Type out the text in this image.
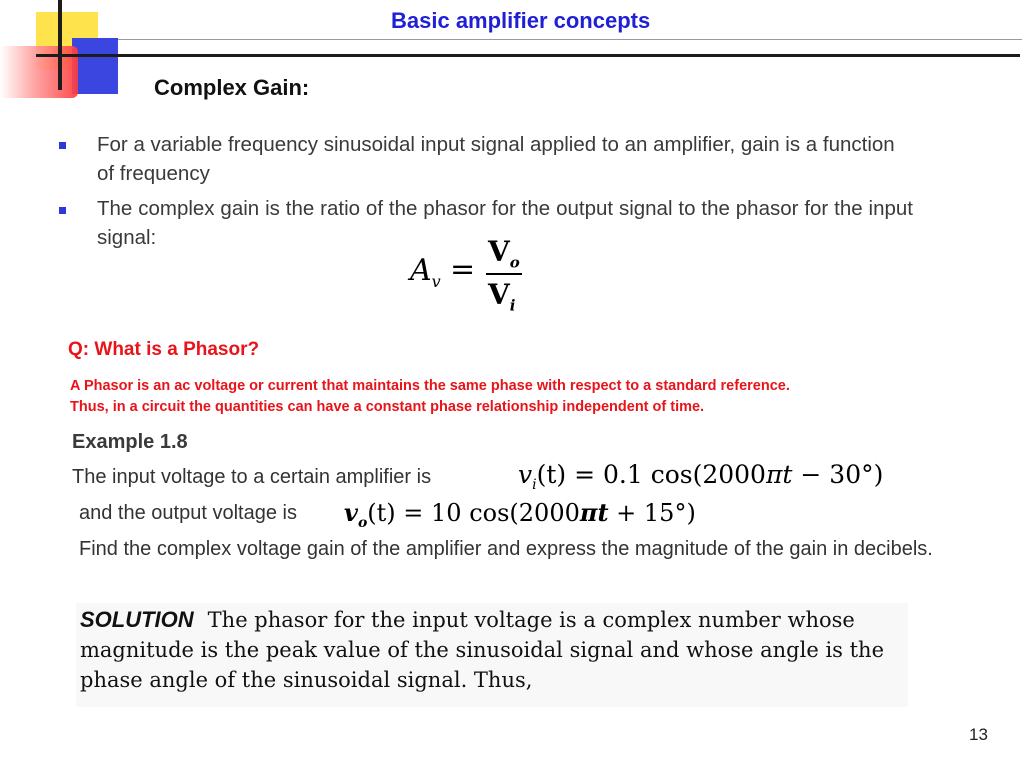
Basic amplifier concepts
Complex Gain:
For a variable frequency sinusoidal input signal applied to an amplifier, gain is a function of frequency
The complex gain is the ratio of the phasor for the output signal to the phasor for the input signal:
$A_v$ =
$V_o$
$V_i$
Q: What is a Phasor?
A Phasor is an ac voltage or current that maintains the same phase with respect to a standard reference.
Thus, in a circuit the quantities can have a constant phase relationship independent of time.
Example 1.8
The input voltage to a certain amplifier is	$v_i(t) = 0.1$ cos(2000πt − 30°)
and the output voltage is $v_o(t) = 10$ cos(2000πt + 15°)
Find the complex voltage gain of the amplifier and express the magnitude of the gain in decibels.
SOLUTION The phasor for the input voltage is a complex number whose magnitude is the peak value of the sinusoidal signal and whose angle is the phase angle of the sinusoidal signal. Thus,
13
